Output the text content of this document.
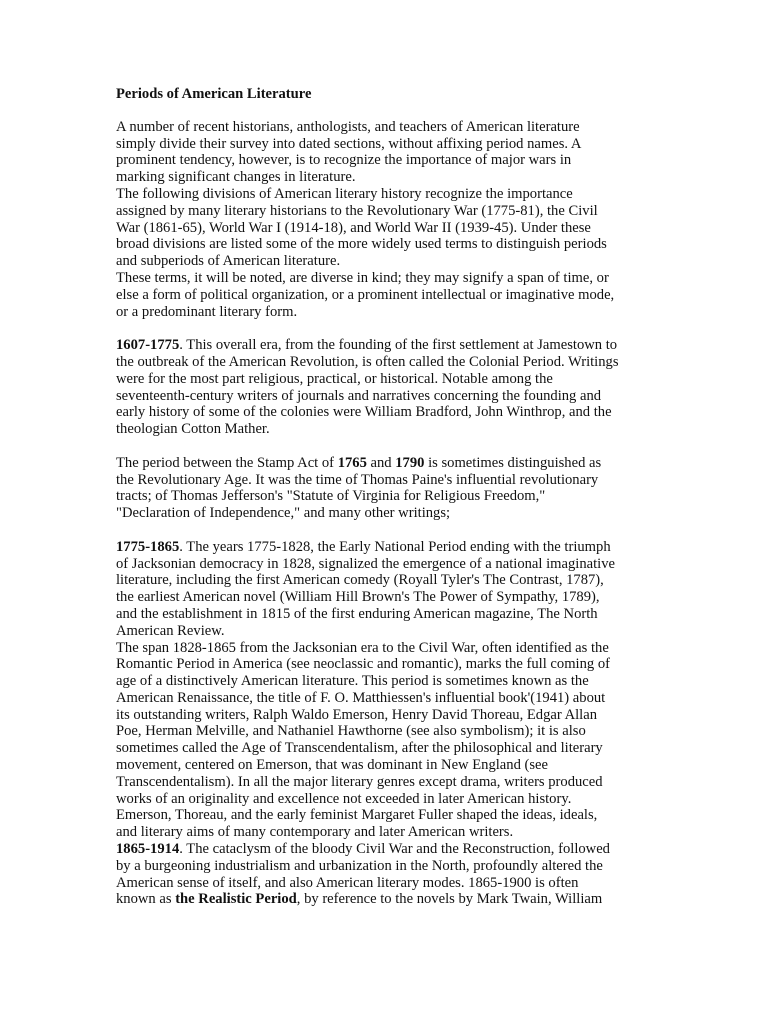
Periods of American Literature

A number of recent historians, anthologists, and teachers of American literature
simply divide their survey into dated sections, without affixing period names. A
prominent tendency, however, is to recognize the importance of major wars in
marking significant changes in literature.

The following divisions of American literary history recognize the importance
assigned by many literary historians to the Revolutionary War (1775-81), the Civil
War (1861-65), World War I (1914-18), and World War II (1939-45). Under these
broad divisions are listed some of the more widely used terms to distinguish periods
and subperiods of American literature.

These terms, it will be noted, are diverse in kind; they may signify a span of time, or
else a form of political organization, or a prominent intellectual or imaginative mode,
or a predominant literary form.

1607-1775. This overall era, from the founding of the first settlement at Jamestown to
the outbreak of the American Revolution, is often called the Colonial Period. Writings
were for the most part religious, practical, or historical. Notable among the
seventeenth-century writers of journals and narratives concerning the founding and
early history of some of the colonies were William Bradford, John Winthrop, and the
theologian Cotton Mather.

The period between the Stamp Act of 1765 and 1790 is sometimes distinguished as
the Revolutionary Age. It was the time of Thomas Paine's influential revolutionary
tracts; of Thomas Jefferson's "Statute of Virginia for Religious Freedom,"
"Declaration of Independence," and many other writings;

1775-1865. The years 1775-1828, the Early National Period ending with the triumph
of Jacksonian democracy in 1828, signalized the emergence of a national imaginative
literature, including the first American comedy (Royall Tyler's The Contrast, 1787),
the earliest American novel (William Hill Brown's The Power of Sympathy, 1789),
and the establishment in 1815 of the first enduring American magazine, The North
American Review.

The span 1828-1865 from the Jacksonian era to the Civil War, often identified as the
Romantic Period in America (see neoclassic and romantic), marks the full coming of
age of a distinctively American literature. This period is sometimes known as the
American Renaissance, the title of F. O. Matthiessen's influential book'(1941) about
its outstanding writers, Ralph Waldo Emerson, Henry David Thoreau, Edgar Allan
Poe, Herman Melville, and Nathaniel Hawthorne (see also symbolism); it is also
sometimes called the Age of Transcendentalism, after the philosophical and literary
movement, centered on Emerson, that was dominant in New England (see
Transcendentalism). In all the major literary genres except drama, writers produced
works of an originality and excellence not exceeded in later American history.
Emerson, Thoreau, and the early feminist Margaret Fuller shaped the ideas, ideals,
and literary aims of many contemporary and later American writers.

1865-1914. The cataclysm of the bloody Civil War and the Reconstruction, followed
by a burgeoning industrialism and urbanization in the North, profoundly altered the
American sense of itself, and also American literary modes. 1865-1900 is often
known as the Realistic Period, by reference to the novels by Mark Twain, William
